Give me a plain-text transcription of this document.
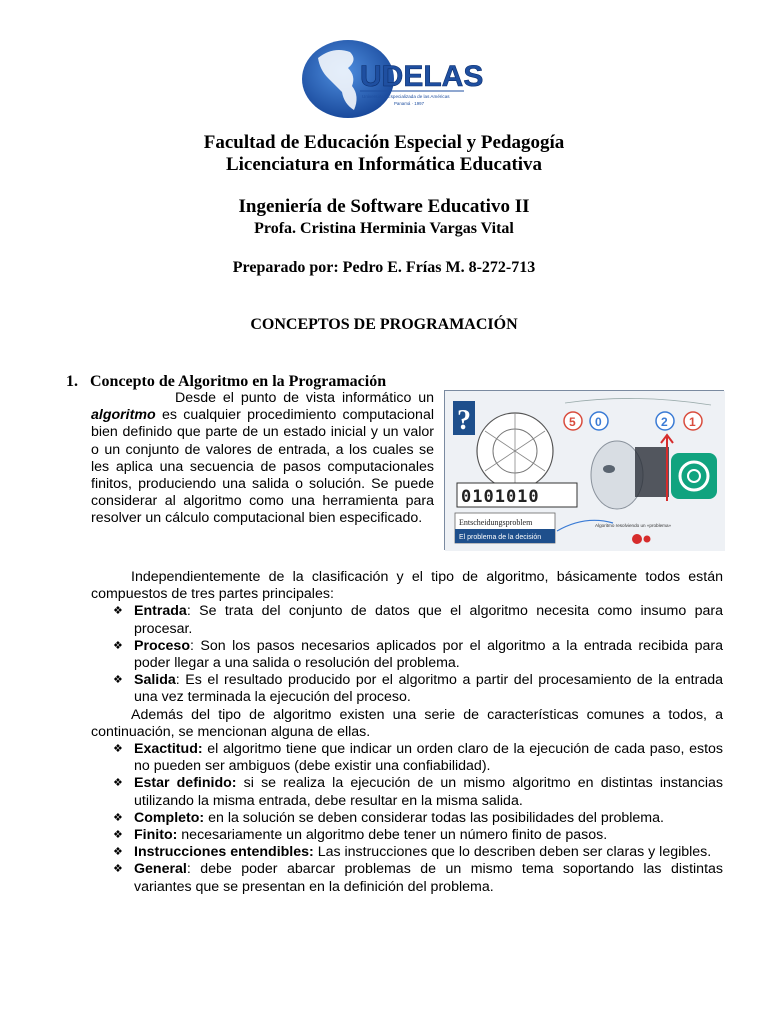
UDELAS
Universidad Especializada de las Américas
Panamá · 1997
Facultad de Educación Especial y Pedagogía
Licenciatura en Informática Educativa
Ingeniería de Software Educativo II
Profa. Cristina Herminia Vargas Vital
Preparado por: Pedro E. Frías M. 8-272-713
CONCEPTOS DE PROGRAMACIÓN
1. Concepto de Algoritmo en la Programación
Desde el punto de vista informático un algoritmo es cualquier procedimiento computacional bien definido que parte de un estado inicial y un valor o un conjunto de valores de entrada, a los cuales se les aplica una secuencia de pasos computacionales finitos, produciendo una salida o solución. Se puede considerar al algoritmo como una herramienta para resolver un cálculo computacional bien especificado.
?
0101010
5 0	1
2
Entscheidungsproblem
El problema de la decisión
Algoritmo resolviendo un «problema»
Independientemente de la clasificación y el tipo de algoritmo, básicamente todos están compuestos de tres partes principales:
❖ Entrada: Se trata del conjunto de datos que el algoritmo necesita como insumo para procesar.
❖ Proceso: Son los pasos necesarios aplicados por el algoritmo a la entrada recibida para poder llegar a una salida o resolución del problema.
❖ Salida: Es el resultado producido por el algoritmo a partir del procesamiento de la entrada una vez terminada la ejecución del proceso.
Además del tipo de algoritmo existen una serie de características comunes a todos, a continuación, se mencionan alguna de ellas.
❖ Exactitud: el algoritmo tiene que indicar un orden claro de la ejecución de cada paso, estos no pueden ser ambiguos (debe existir una confiabilidad).
❖ Estar definido: si se realiza la ejecución de un mismo algoritmo en distintas instancias utilizando la misma entrada, debe resultar en la misma salida.
❖ Completo: en la solución se deben considerar todas las posibilidades del problema.
❖ Finito: necesariamente un algoritmo debe tener un número finito de pasos.
❖ Instrucciones entendibles: Las instrucciones que lo describen deben ser claras y legibles.
❖ General: debe poder abarcar problemas de un mismo tema soportando las distintas variantes que se presentan en la definición del problema.
